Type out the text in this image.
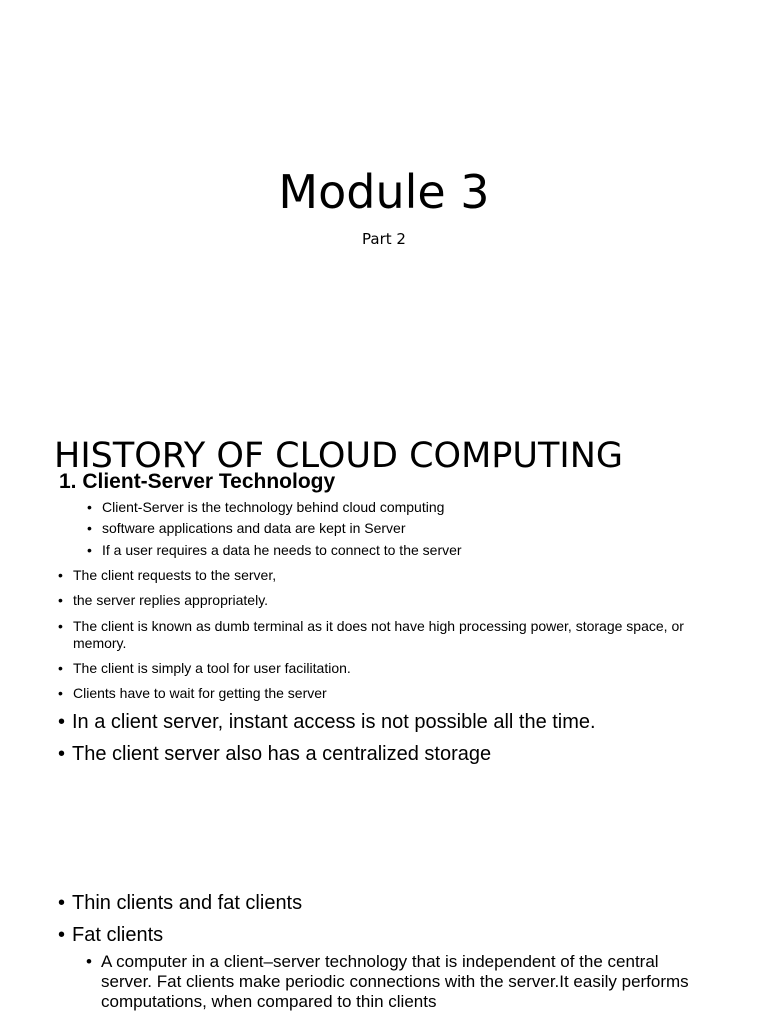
Module 3
Part 2
HISTORY OF CLOUD COMPUTING
1. Client-Server Technology
• Client-Server is the technology behind cloud computing
• software applications and data are kept in Server
• If a user requires a data he needs to connect to the server
• The client requests to the server,
• the server replies appropriately.
• The client is known as dumb terminal as it does not have high processing power, storage space, or memory.
• The client is simply a tool for user facilitation.
• Clients have to wait for getting the server
• In a client server, instant access is not possible all the time.
• The client server also has a centralized storage
• Thin clients and fat clients
• Fat clients
• A computer in a client–server technology that is independent of the central server. Fat clients make periodic connections with the server.It easily performs computations, when compared to thin clients
